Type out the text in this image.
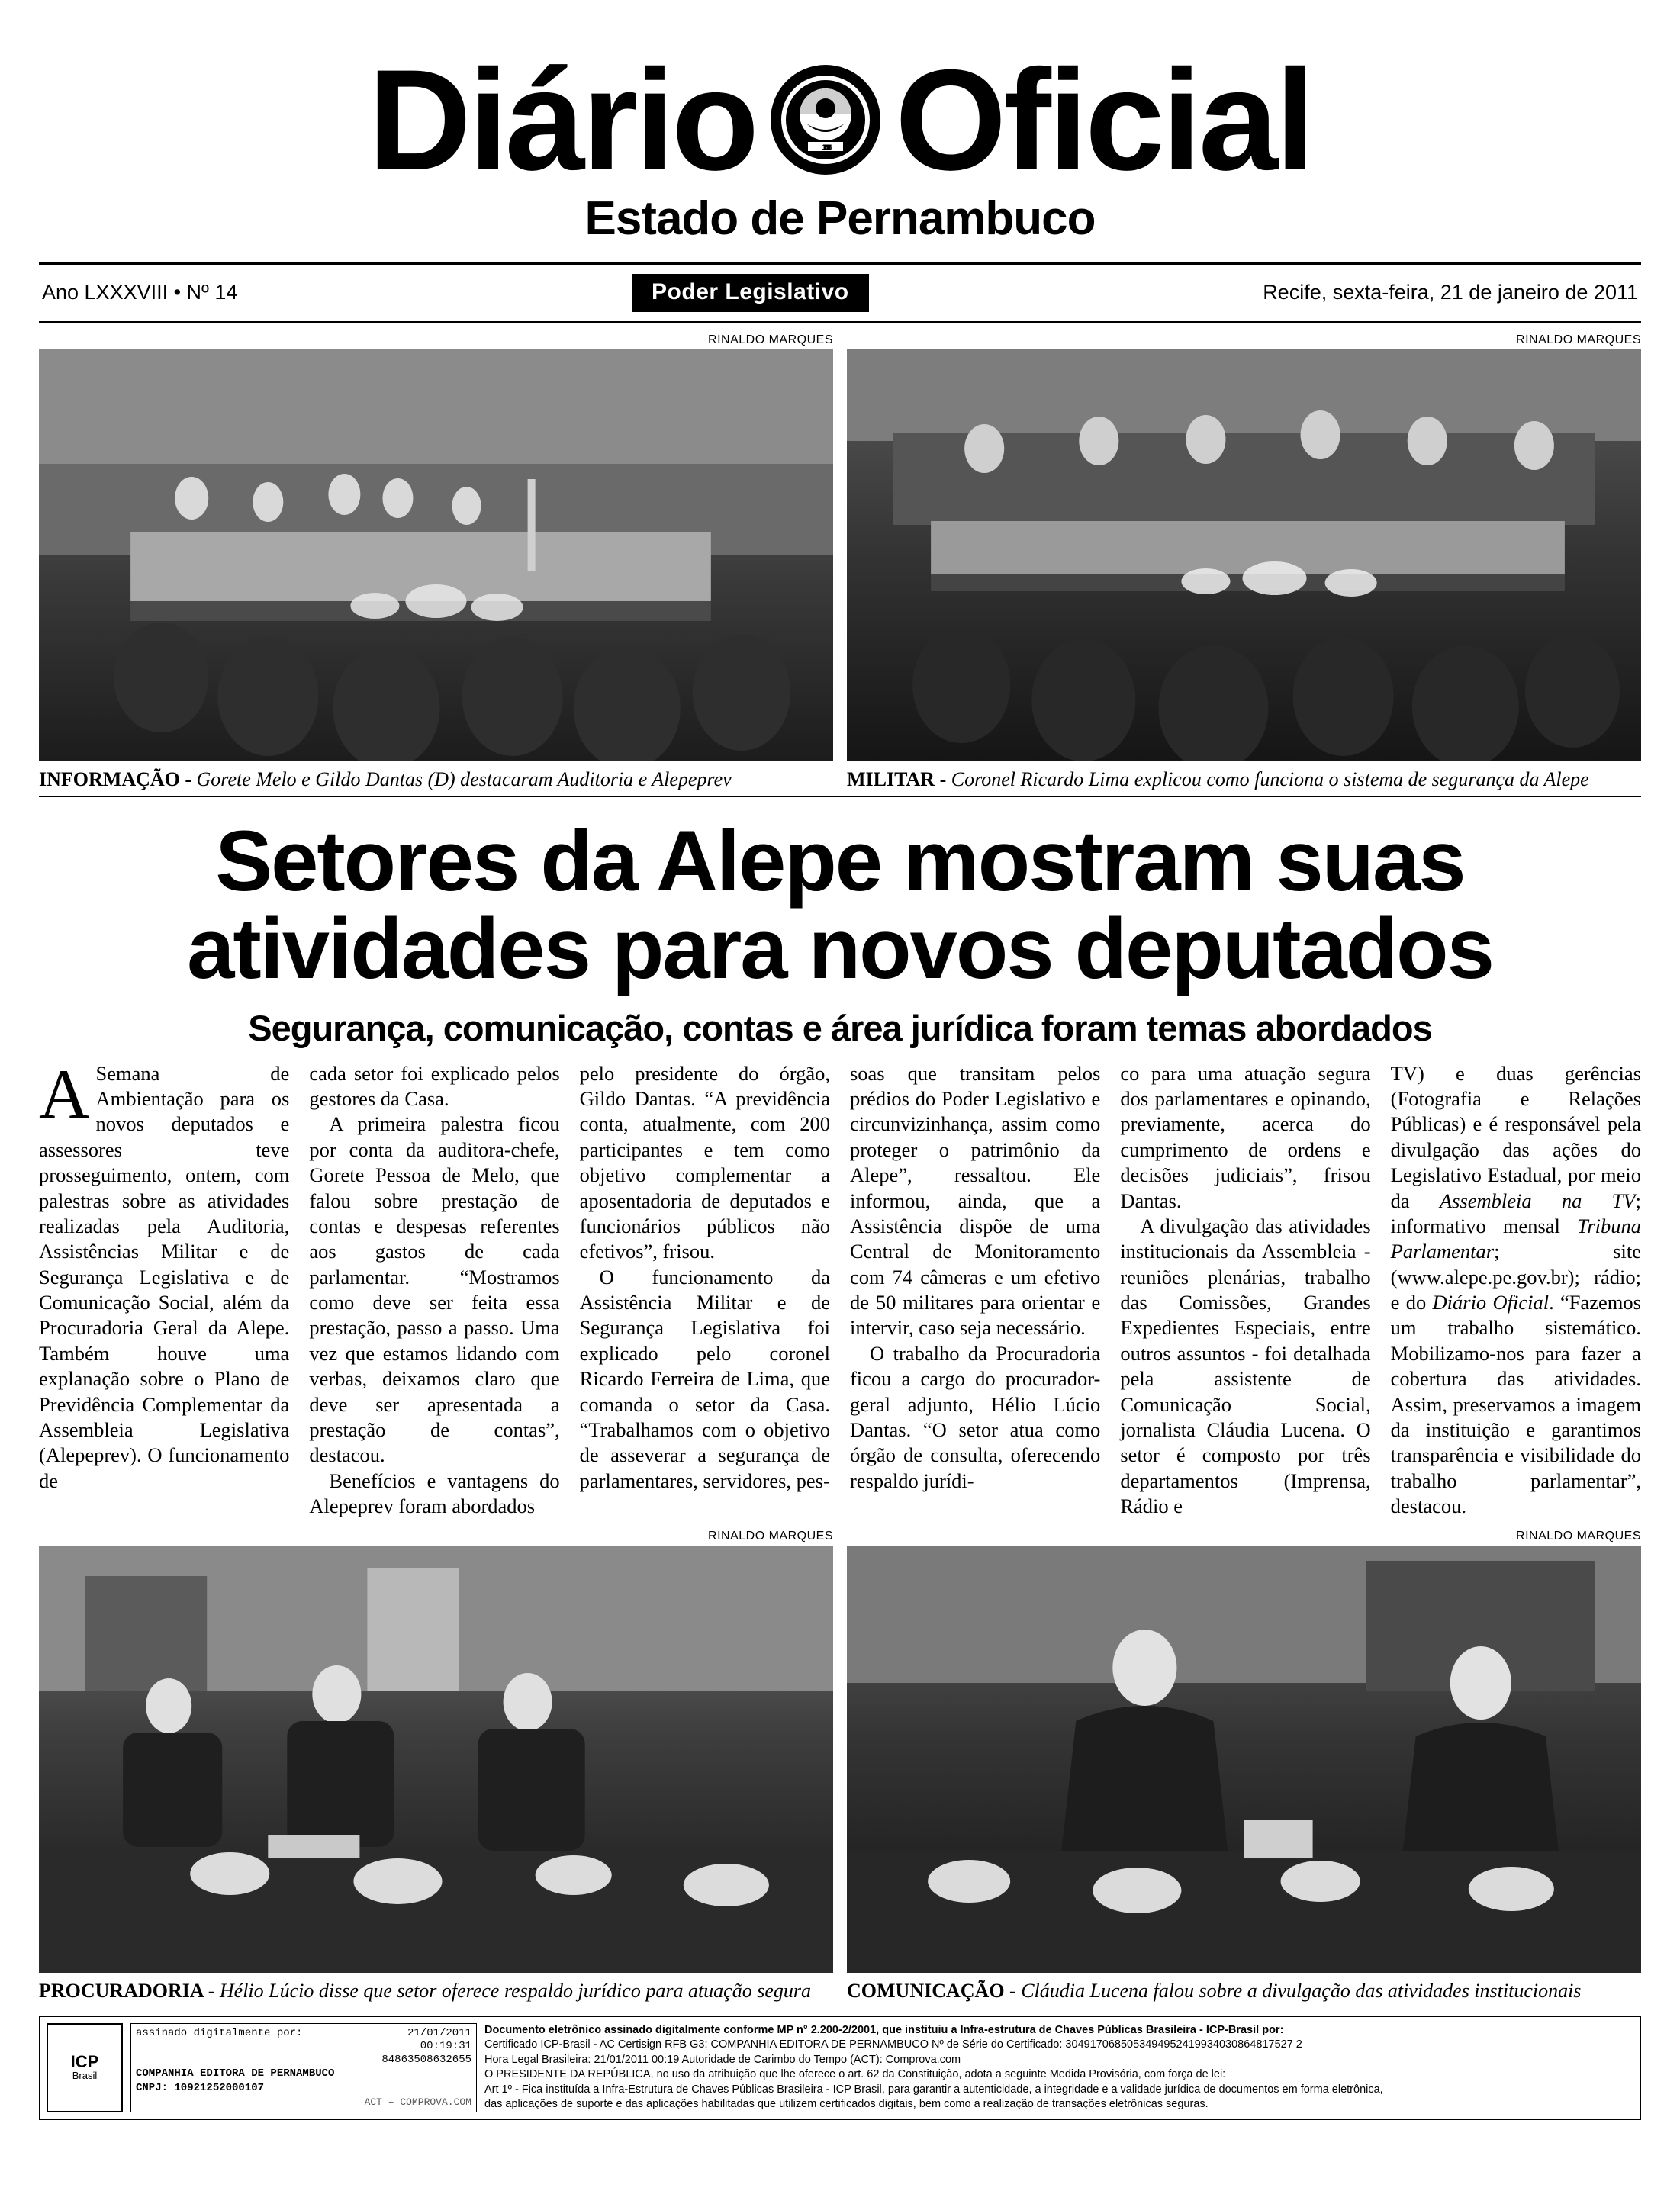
Diário	1710 1817 1824 Oficial
Estado de Pernambuco
Ano LXXXVIII • Nº 14	Poder Legislativo	Recife, sexta-feira, 21 de janeiro de 2011
RINALDO MARQUES
INFORMAÇÃO - Gorete Melo e Gildo Dantas (D) destacaram Auditoria e Alepeprev
RINALDO MARQUES
MILITAR - Coronel Ricardo Lima explicou como funciona o sistema de segurança da Alepe
Setores da Alepe mostram suas
atividades para novos deputados
Segurança, comunicação, contas e área jurídica foram temas abordados

A Semana de Ambientação para os novos deputados e assessores teve prosseguimento, ontem, com palestras sobre as atividades realizadas pela Auditoria, Assistências Militar e de Segurança Legislativa e de Comunicação Social, além da Procuradoria Geral da Alepe. Também houve uma explanação sobre o Plano de Previdência Complementar da Assembleia Legislativa (Alepeprev). O funcionamento de

cada setor foi explicado pelos gestores da Casa.

A primeira palestra ficou por conta da auditora-chefe, Gorete Pessoa de Melo, que falou sobre prestação de contas e despesas referentes aos gastos de cada parlamentar. “Mostramos como deve ser feita essa prestação, passo a passo. Uma vez que estamos lidando com verbas, deixamos claro que deve ser apresentada a prestação de contas”, destacou.

Benefícios e vantagens do Alepeprev foram abordados

pelo presidente do órgão, Gildo Dantas. “A previdência conta, atualmente, com 200 participantes e tem como objetivo complementar a aposentadoria de deputados e funcionários públicos não efetivos”, frisou.

O funcionamento da Assistência Militar e de Segurança Legislativa foi explicado pelo coronel Ricardo Ferreira de Lima, que comanda o setor da Casa. “Trabalhamos com o objetivo de asseverar a segurança de parlamentares, servidores, pes-

soas que transitam pelos prédios do Poder Legislativo e circunvizinhança, assim como proteger o patrimônio da Alepe”, ressaltou. Ele informou, ainda, que a Assistência dispõe de uma Central de Monitoramento com 74 câmeras e um efetivo de 50 militares para orientar e intervir, caso seja necessário.

O trabalho da Procuradoria ficou a cargo do procurador-geral adjunto, Hélio Lúcio Dantas. “O setor atua como órgão de consulta, oferecendo respaldo jurídi-

co para uma atuação segura dos parlamentares e opinando, previamente, acerca do cumprimento de ordens e decisões judiciais”, frisou Dantas.

A divulgação das atividades institucionais da Assembleia - reuniões plenárias, trabalho das Comissões, Grandes Expedientes Especiais, entre outros assuntos - foi detalhada pela assistente de Comunicação Social, jornalista Cláudia Lucena. O setor é composto por três departamentos (Imprensa, Rádio e

TV) e duas gerências (Fotografia e Relações Públicas) e é responsável pela divulgação das ações do Legislativo Estadual, por meio da Assembleia na TV; informativo mensal Tribuna Parlamentar; site (www.alepe.pe.gov.br); rádio; e do Diário Oficial. “Fazemos um trabalho sistemático. Mobilizamo-nos para fazer a cobertura das atividades. Assim, preservamos a imagem da instituição e garantimos transparência e visibilidade do trabalho parlamentar”, destacou.

RINALDO MARQUES
PROCURADORIA - Hélio Lúcio disse que setor oferece respaldo jurídico para atuação segura
RINALDO MARQUES
COMUNICAÇÃO - Cláudia Lucena falou sobre a divulgação das atividades institucionais
ICP
Brasil
assinado digitalmente por:	21/01/2011
00:19:31
84863508632655
COMPANHIA EDITORA DE PERNAMBUCO
CNPJ: 10921252000107
ACT – COMPROVA.COM
Documento eletrônico assinado digitalmente conforme MP n° 2.200-2/2001, que instituiu a Infra-estrutura de Chaves Públicas Brasileira - ICP-Brasil por:
Certificado ICP-Brasil - AC Certisign RFB G3: COMPANHIA EDITORA DE PERNAMBUCO Nº de Série do Certificado: 3049170685053494952419934030864817527 2
Hora Legal Brasileira: 21/01/2011 00:19 Autoridade de Carimbo do Tempo (ACT): Comprova.com
O PRESIDENTE DA REPÚBLICA, no uso da atribuição que lhe oferece o art. 62 da Constituição, adota a seguinte Medida Provisória, com força de lei:
Art 1º - Fica instituída a Infra-Estrutura de Chaves Públicas Brasileira - ICP Brasil, para garantir a autenticidade, a integridade e a validade jurídica de documentos em forma eletrônica,
das aplicações de suporte e das aplicações habilitadas que utilizem certificados digitais, bem como a realização de transações eletrônicas seguras.
